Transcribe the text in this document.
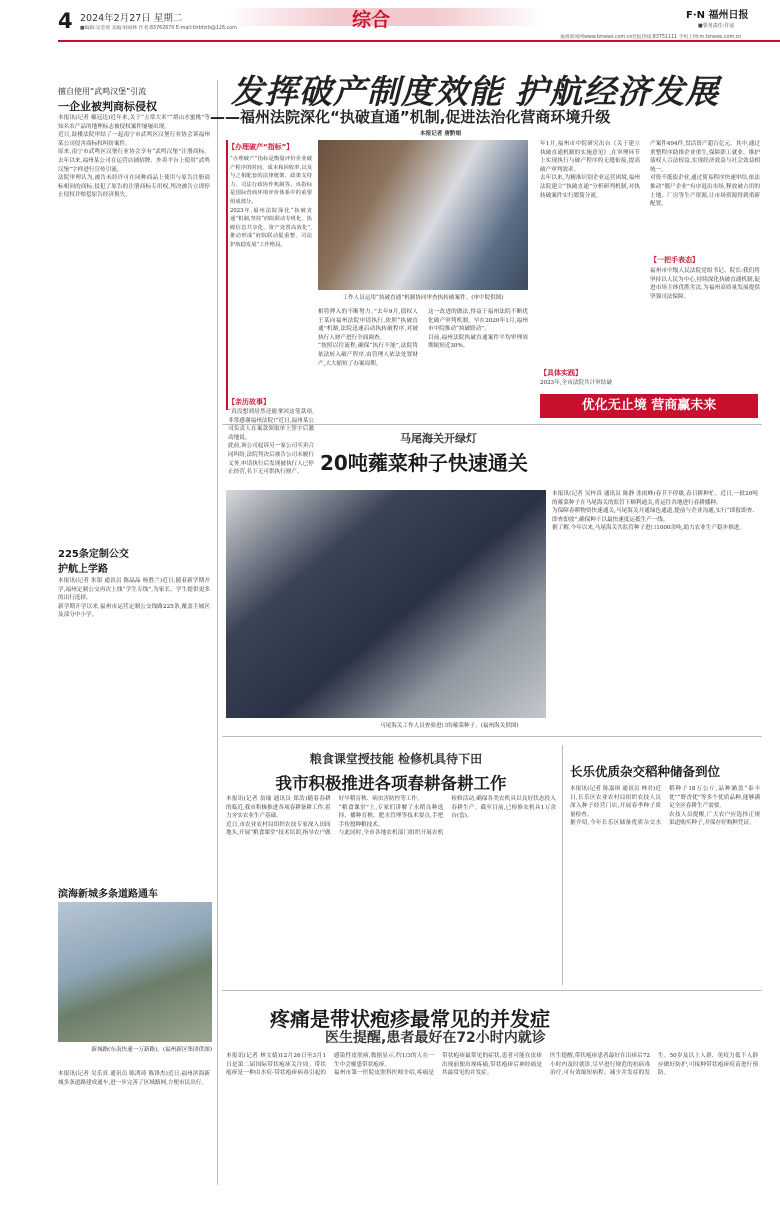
4 2024年2月27日 星期二
■编辑:吴金瑶 美编:韩斌林 作者:83762670 E-mail:fzrbfzrb@126.com	综合	F·N 福州日报
■要务责任:许泓
福州新闻网www.fznews.com.cn 党报热线:83751111 手机上网:m.fznews.com.cn
擅自使用“武鸣汉堡”引流
一企业被判商标侵权
本报讯(记者 戴冠达)近年来,关于“五常大米”“胡山水蜜桃”等知名农产品的地理标志被侵权案件屡屡出现。
近日,鼓楼法院审结了一起南宁市武鸣区汉堡行业协会诉福州某公司侵害商标权纠纷案件。
原来,南宁市武鸣区汉堡行业协会享有“武鸣汉堡”注册商标。去年以来,福州某公司在运营店铺招牌、外卖平台上使用“武鸣汉堡”字样进行宣传引流。
法院审理认为,被告未经许可在同种商品上使用与原告注册商标相同的商标,侵犯了原告的注册商标专用权,判决被告立即停止侵权并赔偿原告经济损失。
225条定制公交
护航上学路
本报讯(记者 朱银 通讯员 陈晶晶 杨胜兰)近日,随着新学期开学,福州定制公交再次上线“学生专线”,为家长、学生提供更多的出行选择。
新学期开学以来,福州市运营定制公交线路225条,覆盖主城区及部分中小学。
滨海新城多条道路通车
新城路(东南快速一万新路)。(福州新区集团供图)
本报讯(记者 吴乐真 通讯员 陈鸿琦 陈锋杰)近日,福州滨海新城多条道路建成通车,进一步完善了区域路网,方便市民出行。
发挥破产制度效能 护航经济发展
——福州法院深化“执破直通”机制,促进法治化营商环境升级
本报记者 唐黔娟
【办理破产“指标”】
“办理破产”指标是衡量评价企业破产程序的时间、成本和回收率,以及与之相配套的法律框架、政策支持力、司法行政协作机制等。该指标是国际营商环境评价体系中的重要组成部分。
2023年,福州法院深化“执破直通”机制,坚持“府院联动专班化、执破信息共享化、资产处置高效化”,推动形成“府院联动促重整、司法护航稳发展”工作格局。
工作人员运用“执破直通”机制协同审查执转破案件。(审中院供图)
【亲历故事】
“真没想到居然还能拿回这笔款项,非常感谢福州法院!”近日,福州某公司负责人在案款领取单上签字后激动地说。
此前,该公司起诉另一家公司买卖合同纠纷,法院判决后被告公司未履行义务,申请执行后发现被执行人已停止经营,名下无可供执行财产。
相符押入的不断努力。”去年9月,债权人王某向福州法院申请执行,依照“执破直通”机制,法院迅速启动执转破程序,对被执行人财产进行全面调查。
“按照以往流程,确保“执行不能”,法院将依法转入破产程序,由管理人依法处置财产,大大缩短了办案周期。
这一改进的做法,得益于福州法院不断优化破产审判机制。早在2020年1月,福州市中院推动“执破联动”。
目前,福州法院执破直通案件平均审理周期缩短近30%。
年1月,福州市中院研究出台《关于建立执破直通机制的实施意见》,在审理环节上实现执行与破产程序的无缝衔接,提高破产审判效率。
去年以来,为精准识别企业运营困境,福州法院建立“执破直通”分析研判机制,对执转破案件实行繁简分流。
【具体实践】
2023年,全市法院共计审结破
产案件494件,盘活资产超百亿元。其中,通过重整程序助推企业重生,保障职工就业、维护债权人合法权益,实现经济效益与社会效益相统一。
对资不抵债企业,通过简易程序快速审结,依法推动“僵尸企业”有序退出市场,释放被占用的土地、厂房等生产资源,让市场资源得到重新配置。
【一把手表态】
福州市中级人民法院党组书记、院长:我们将坚持以人民为中心,持续深化执破直通机制,促进市场主体优胜劣汰,为福州高质量发展提供坚强司法保障。
优化无止境 营商赢未来
马尾海关开绿灯
20吨蕹菜种子快速通关
马尾海关工作人员查验进口的蕹菜种子。(福州海关供图)
本报讯(记者 吴梓真 通讯员 陈静 张雨峰)春节不停歇,春日耕种忙。近日,一批20吨的蕹菜种子在马尾海关的监管下顺利通关,将运往各地进行春耕播种。
为保障春耕物资快速通关,马尾海关开通绿色通道,提前与企业沟通,实行“即报即查、即查即放”,确保种子以最快速度运抵生产一线。
据了解,今年以来,马尾海关共监管种子进口1000余吨,助力农业生产稳步推进。
粮食课堂授技能 检修机具待下田
我市积极推进各项春耕备耕工作
本报讯(记者 翁瑜 通讯员 郑浩)随着春耕的临近,我市积极推进各项春耕备耕工作,着力夯实农业生产基础。
近日,市农业农村局组织农技专家深入田间地头,开展“粮食课堂”技术培训,指导农户做好早稻育秧、病虫害防控等工作。
“粮食课堂”上,专家们讲解了水稻良种选择、播种育秧、肥水管理等技术要点,手把手传授种粮技术。
与此同时,全市各地农机部门组织开展农机检修活动,确保各类农机具以良好状态投入春耕生产。截至目前,已检修农机具1万余台(套)。
长乐优质杂交稻种储备到位
本报讯(记者 陈嘉琪 通讯员 林君)近日,长乐区农业农村局组织农技人员深入种子经营门店,开展春季种子质量检查。
据介绍,今年长乐区储备优质杂交水稻种子18万公斤,品种涵盖“泰丰优”“野香优”等多个优质品种,能够满足全区春耕生产需要。
农技人员提醒,广大农户应选择正规渠道购买种子,并保存好购种凭证。
疼痛是带状疱疹最常见的并发症
医生提醒,患者最好在72小时内就诊
本报讯(记者 林文婧)12月26日至3月1日是第二届国际带状疱疹关注周。带状疱疹是一种由水痘-带状疱疹病毒引起的感染性皮肤病,数据显示,约1/3的人在一生中会罹患带状疱疹。
福州市第一医院皮肤科医师介绍,疼痛是带状疱疹最常见的症状,患者可能在皮疹出现前便出现疼痛,带状疱疹后神经痛是其最常见的并发症。
医生提醒,带状疱疹患者最好在出疹后72小时内及时就诊,尽早进行规范的抗病毒治疗,可有效缩短病程、减少并发症的发生。50岁及以上人群、免疫力低下人群应做好防护,可接种带状疱疹疫苗进行预防。
